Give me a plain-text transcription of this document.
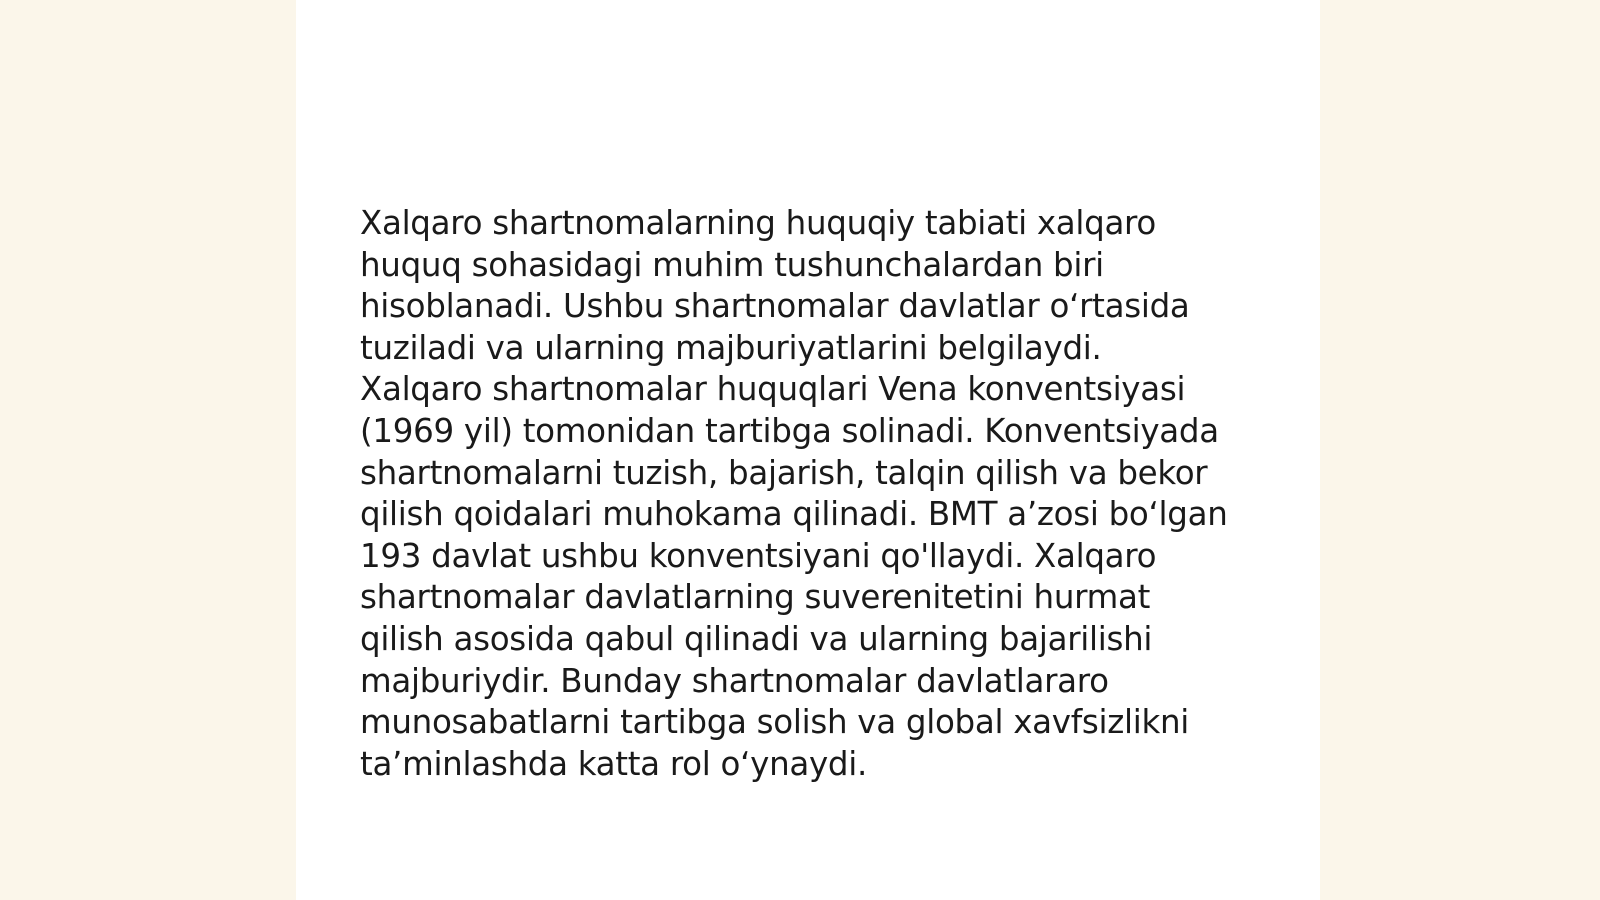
Xalqaro shartnomalarning huquqiy tabiati xalqaro
huquq sohasidagi muhim tushunchalardan biri
hisoblanadi. Ushbu shartnomalar davlatlar o‘rtasida
tuziladi va ularning majburiyatlarini belgilaydi.
Xalqaro shartnomalar huquqlari Vena konventsiyasi
(1969 yil) tomonidan tartibga solinadi. Konventsiyada
shartnomalarni tuzish, bajarish, talqin qilish va bekor
qilish qoidalari muhokama qilinadi. BMT a’zosi bo‘lgan
193 davlat ushbu konventsiyani qo'llaydi. Xalqaro
shartnomalar davlatlarning suverenitetini hurmat
qilish asosida qabul qilinadi va ularning bajarilishi
majburiydir. Bunday shartnomalar davlatlararo
munosabatlarni tartibga solish va global xavfsizlikni
ta’minlashda katta rol o‘ynaydi.
